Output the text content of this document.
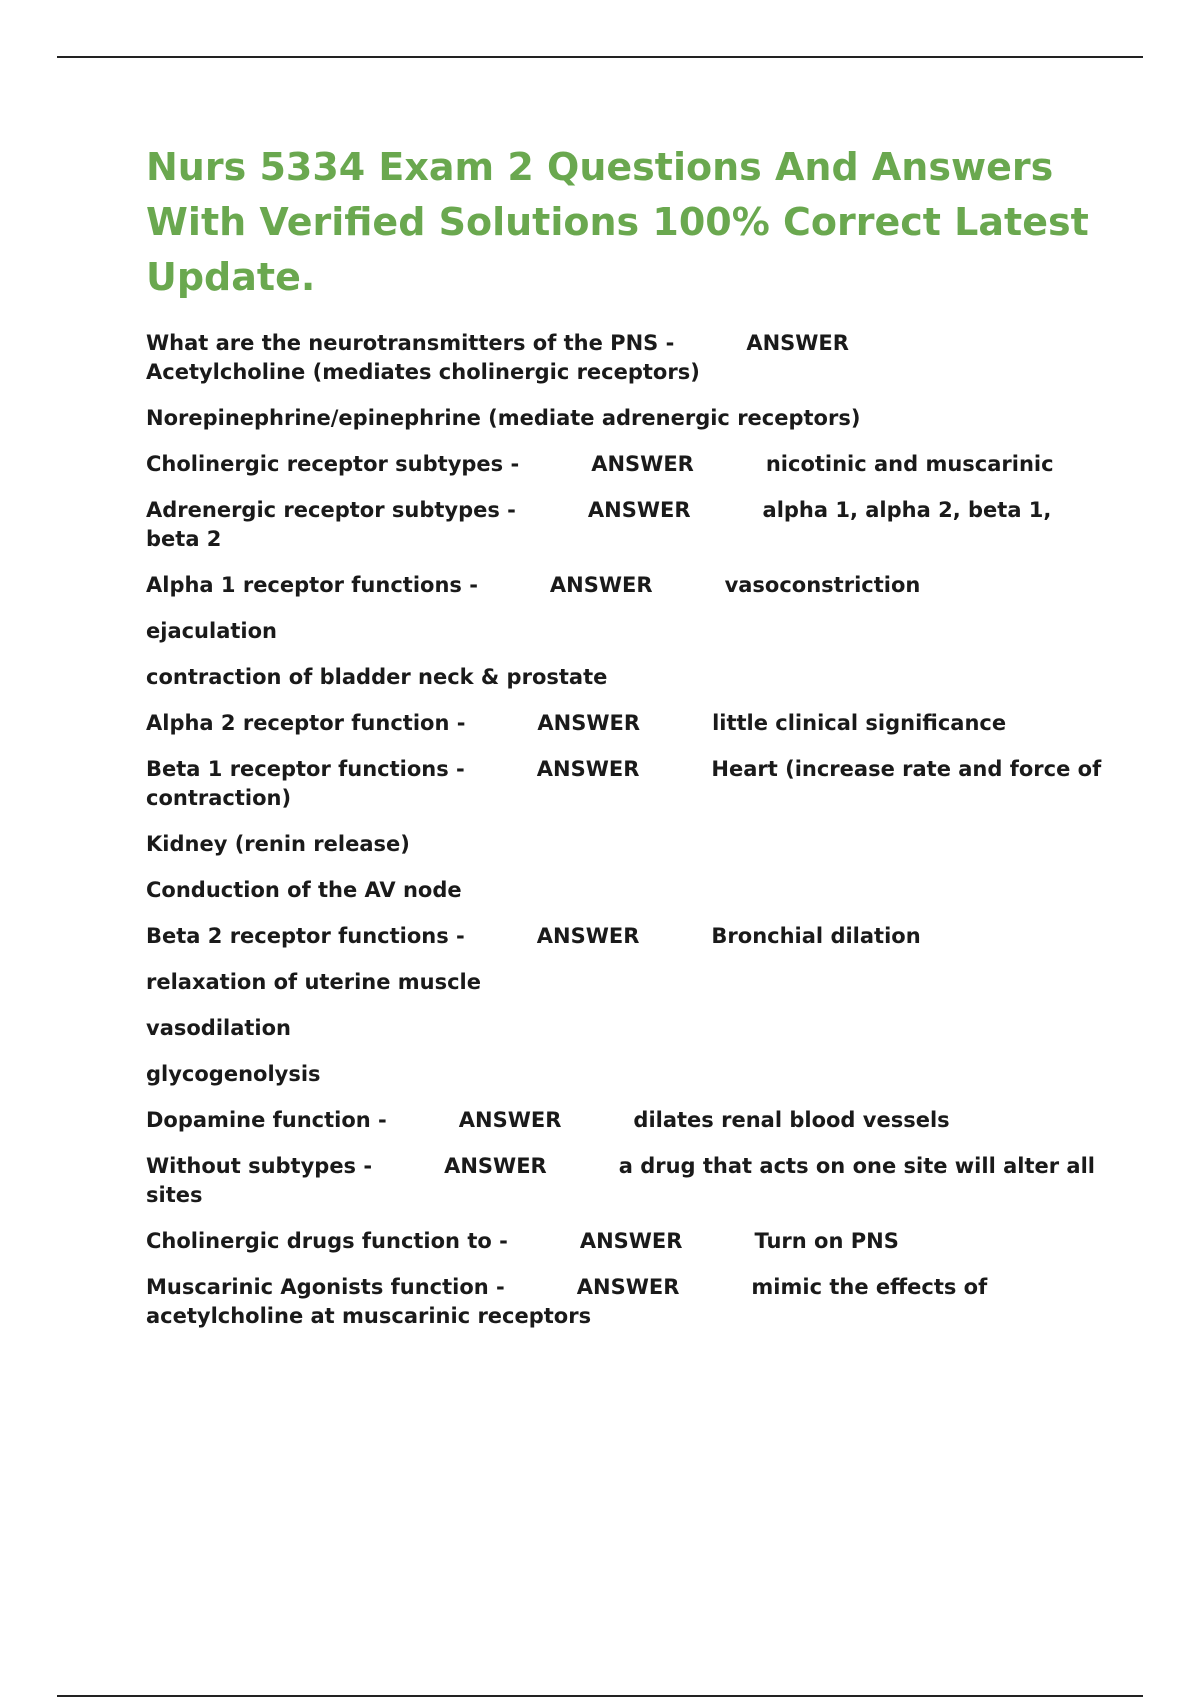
Nurs 5334 Exam 2 Questions And Answers With Verified Solutions 100% Correct Latest Update.

What are the neurotransmitters of the PNS -	ANSWER
Acetylcholine (mediates cholinergic receptors)

Norepinephrine/epinephrine (mediate adrenergic receptors)

Cholinergic receptor subtypes -	ANSWER	nicotinic and muscarinic

Adrenergic receptor subtypes -	ANSWER	alpha 1, alpha 2, beta 1, beta 2

Alpha 1 receptor functions -	ANSWER	vasoconstriction

ejaculation

contraction of bladder neck & prostate

Alpha 2 receptor function -	ANSWER	little clinical significance

Beta 1 receptor functions -	ANSWER	Heart (increase rate and force of contraction)

Kidney (renin release)

Conduction of the AV node

Beta 2 receptor functions -	ANSWER	Bronchial dilation

relaxation of uterine muscle

vasodilation

glycogenolysis

Dopamine function -	ANSWER	dilates renal blood vessels

Without subtypes -	ANSWER	a drug that acts on one site will alter all sites

Cholinergic drugs function to -	ANSWER	Turn on PNS

Muscarinic Agonists function -	ANSWER	mimic the effects of acetylcholine at muscarinic receptors
